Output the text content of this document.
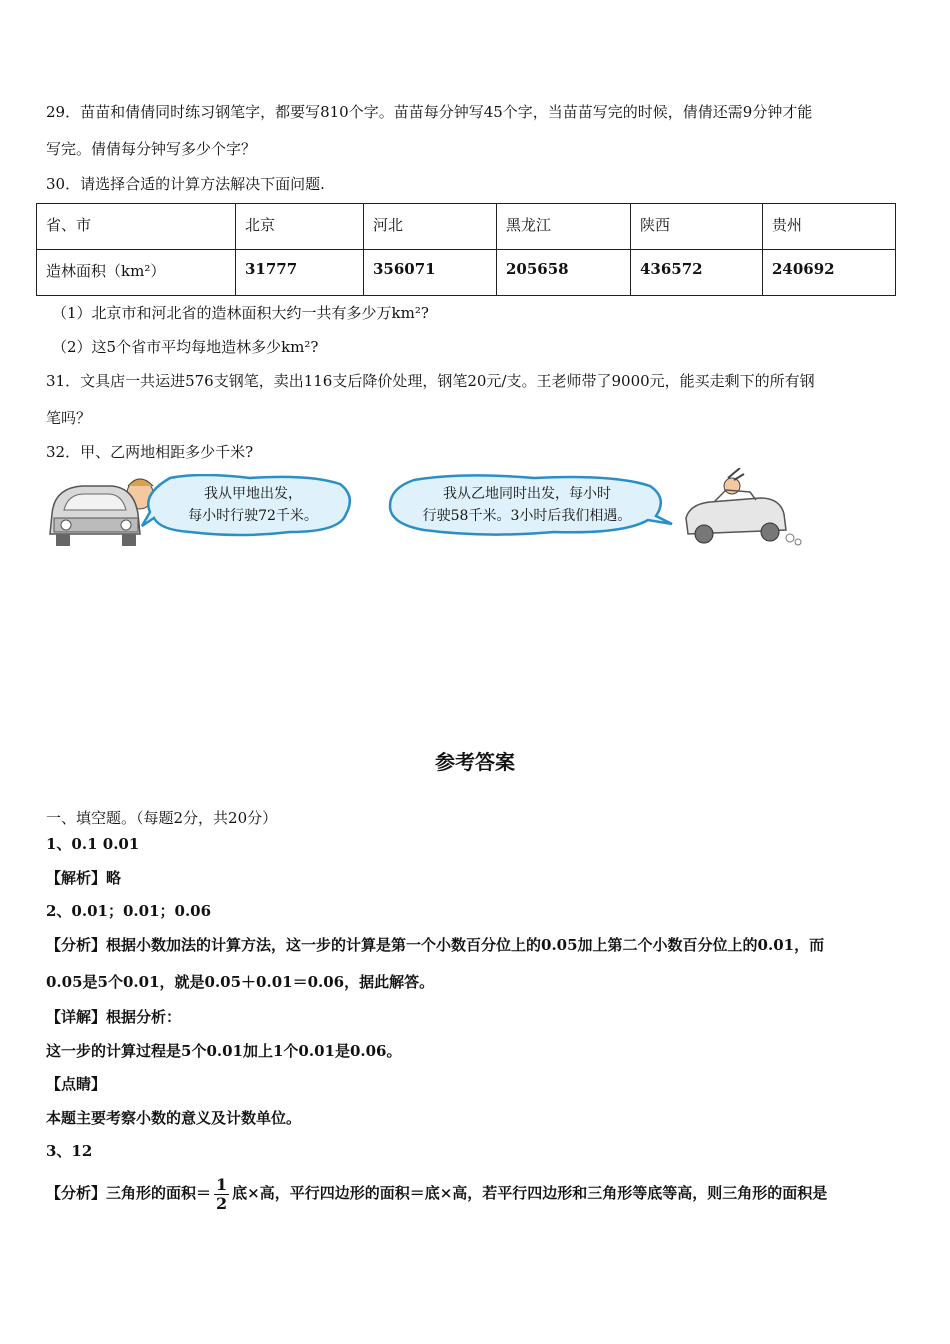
29．苗苗和倩倩同时练习钢笔字，都要写810个字。苗苗每分钟写45个字，当苗苗写完的时候，倩倩还需9分钟才能
写完。倩倩每分钟写多少个字？
30．请选择合适的计算方法解决下面问题.
省、市	北京	河北	黑龙江	陕西	贵州
造林面积（km²）	31777	356071	205658	436572	240692
（1）北京市和河北省的造林面积大约一共有多少万km²?
（2）这5个省市平均每地造林多少km²?
31．文具店一共运进576支钢笔，卖出116支后降价处理，钢笔20元/支。王老师带了9000元，能买走剩下的所有钢
笔吗？
32．甲、乙两地相距多少千米?
我从甲地出发，
每小时行驶72千米。
我从乙地同时出发，每小时
行驶58千米。3小时后我们相遇。
参考答案
一、填空题。（每题2分，共20分）
1、0.1 0.01
【解析】略
2、0.01；0.01；0.06
【分析】根据小数加法的计算方法，这一步的计算是第一个小数百分位上的0.05加上第二个小数百分位上的0.01，而
0.05是5个0.01，就是0.05＋0.01＝0.06，据此解答。
【详解】根据分析：
这一步的计算过程是5个0.01加上1个0.01是0.06。
【点睛】
本题主要考察小数的意义及计数单位。
3、12
【分析】三角形的面积＝ $\frac{1}{2}$ 底×高，平行四边形的面积＝底×高，若平行四边形和三角形等底等高，则三角形的面积是
